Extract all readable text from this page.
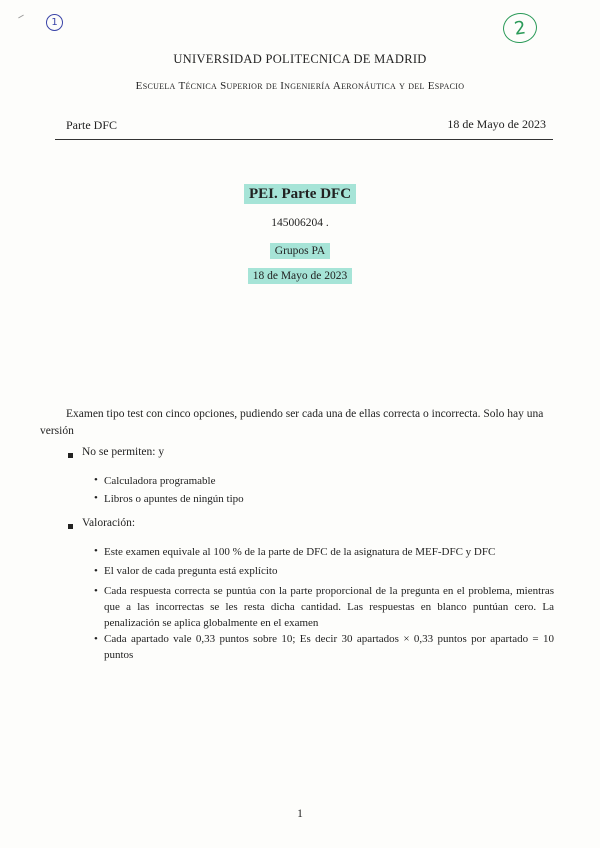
1	2
UNIVERSIDAD POLITECNICA DE MADRID
Escuela Técnica Superior de Ingeniería Aeronáutica y del Espacio
Parte DFC	18 de Mayo de 2023
PEI. Parte DFC
145006204 .
Grupos PA
18 de Mayo de 2023
Examen tipo test con cinco opciones, pudiendo ser cada una de ellas correcta o incorrecta. Solo hay una versión
No se permiten: y
• Calculadora programable
• Libros o apuntes de ningún tipo
Valoración:
• Este examen equivale al 100 % de la parte de DFC de la asignatura de MEF-DFC y DFC
• El valor de cada pregunta está explícito
• Cada respuesta correcta se puntúa con la parte proporcional de la pregunta en el problema, mientras que a las incorrectas se les resta dicha cantidad. Las respuestas en blanco puntúan cero. La penalización se aplica globalmente en el examen
• Cada apartado vale 0,33 puntos sobre 10; Es decir 30 apartados × 0,33 puntos por apartado = 10 puntos
1
